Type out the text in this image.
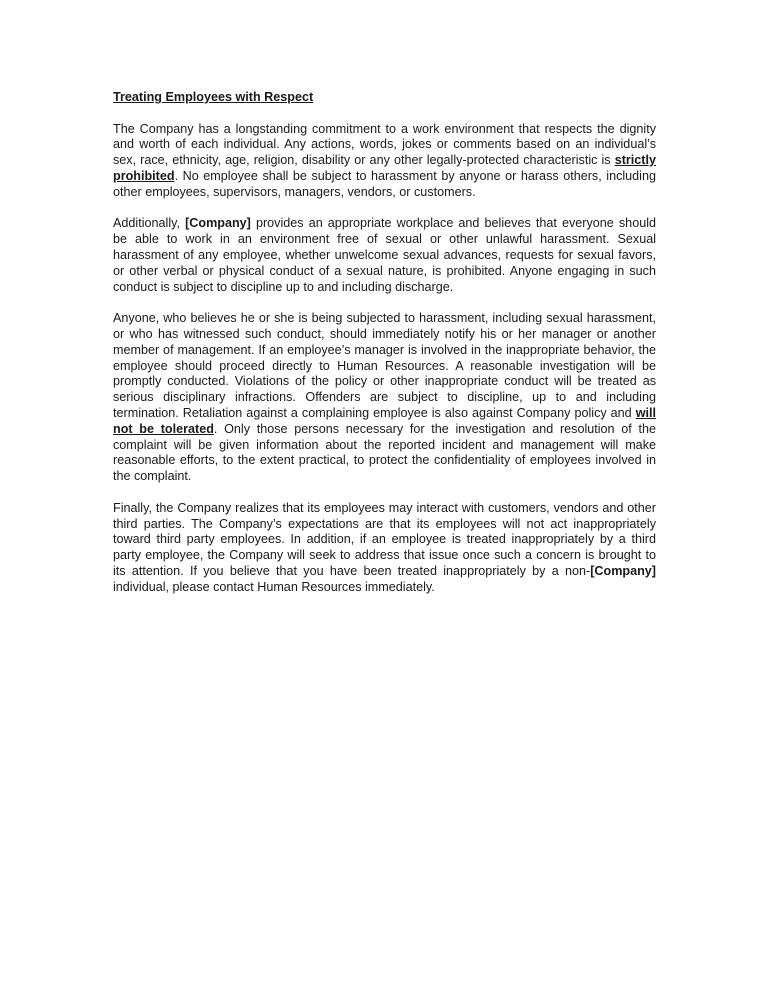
Treating Employees with Respect

The Company has a longstanding commitment to a work environment that respects the dignity and worth of each individual. Any actions, words, jokes or comments based on an individual’s sex, race, ethnicity, age, religion, disability or any other legally-protected characteristic is strictly prohibited. No employee shall be subject to harassment by anyone or harass others, including other employees, supervisors, managers, vendors, or customers.

Additionally, [Company] provides an appropriate workplace and believes that everyone should be able to work in an environment free of sexual or other unlawful harassment. Sexual harassment of any employee, whether unwelcome sexual advances, requests for sexual favors, or other verbal or physical conduct of a sexual nature, is prohibited. Anyone engaging in such conduct is subject to discipline up to and including discharge.

Anyone, who believes he or she is being subjected to harassment, including sexual harassment, or who has witnessed such conduct, should immediately notify his or her manager or another member of management. If an employee’s manager is involved in the inappropriate behavior, the employee should proceed directly to Human Resources. A reasonable investigation will be promptly conducted. Violations of the policy or other inappropriate conduct will be treated as serious disciplinary infractions. Offenders are subject to discipline, up to and including termination. Retaliation against a complaining employee is also against Company policy and will not be tolerated. Only those persons necessary for the investigation and resolution of the complaint will be given information about the reported incident and management will make reasonable efforts, to the extent practical, to protect the confidentiality of employees involved in the complaint.

Finally, the Company realizes that its employees may interact with customers, vendors and other third parties. The Company’s expectations are that its employees will not act inappropriately toward third party employees. In addition, if an employee is treated inappropriately by a third party employee, the Company will seek to address that issue once such a concern is brought to its attention. If you believe that you have been treated inappropriately by a non-[Company] individual, please contact Human Resources immediately.
